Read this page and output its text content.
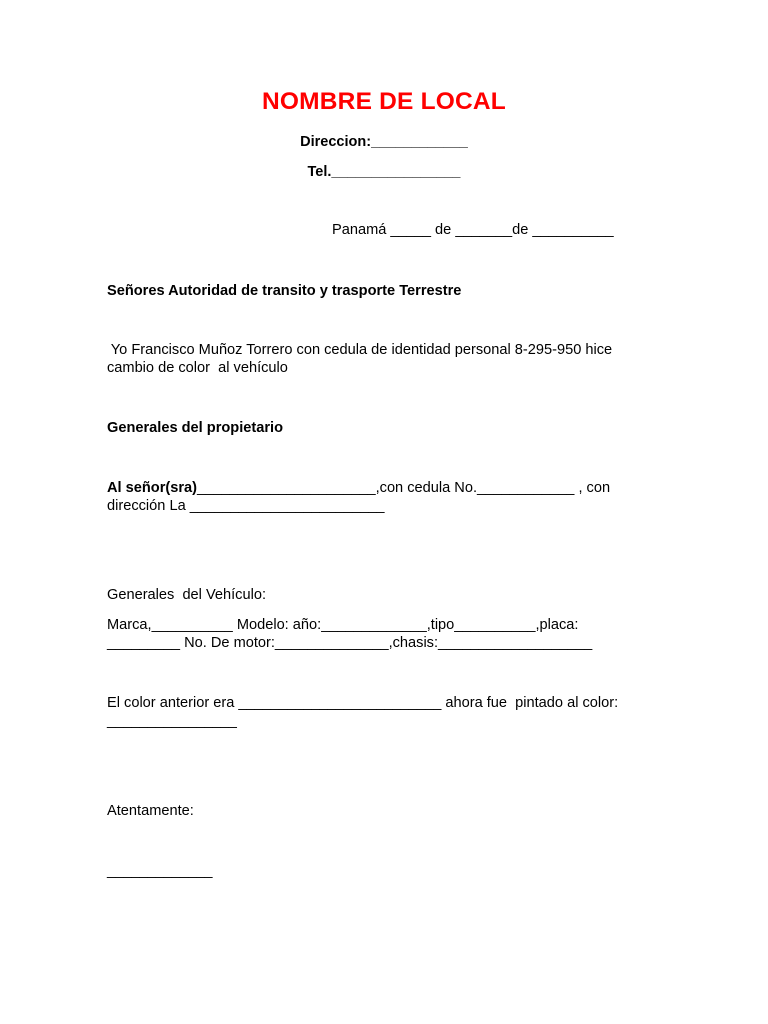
NOMBRE DE LOCAL
Direccion:____________
Tel.________________
Panamá _____ de _______de __________
Señores Autoridad de transito y trasporte Terrestre
Yo Francisco Muñoz Torrero con cedula de identidad personal 8-295-950 hice
cambio de color  al vehículo
Generales del propietario
Al señor(sra)______________________,con cedula No.____________ , con
dirección La ________________________
Generales  del Vehículo:
Marca,__________ Modelo: año:_____________,tipo__________,placa:
_________ No. De motor:______________,chasis:___________________
El color anterior era _________________________ ahora fue  pintado al color:
________________
Atentamente:
_____________
